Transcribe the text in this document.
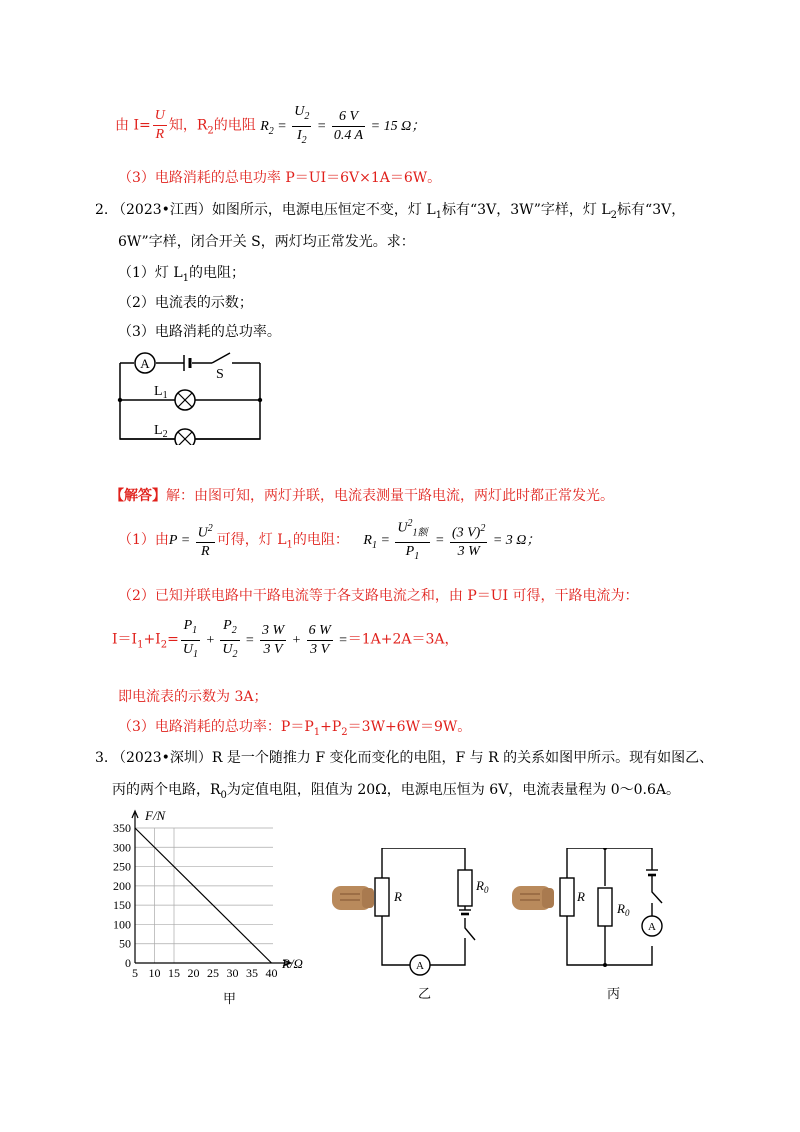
由 $I= \frac{U}{R}$ 知，$R_2$的电阻 $R_2 = \frac{U_2}{I_2} = \frac{6 V}{0.4 A} = 15$ Ω；
（3）电路消耗的总电功率 P＝UI＝6V×1A＝6W。
2. （2023•江西）如图所示，电源电压恒定不变，灯 $L_1$标有“3V，3W”字样，灯 $L_2$标有“3V，
6W”字样，闭合开关 S，两灯均正常发光。求：
（1）灯 $L_1$的电阻；
（2）电流表的示数；
（3）电路消耗的总功率。
A
S
$L_1$
$L_2$
【解答】解：由图可知，两灯并联，电流表测量干路电流，两灯此时都正常发光。
（1）由$P = \frac{U^2}{R}$ 可得，灯 $L_1$的电阻： $R_1 = \frac{U^2_{1额}}{P_1} = \frac{(3 V)^2}{3 W} = 3$ Ω；
（2）已知并联电路中干路电流等于各支路电流之和，由 P＝UI 可得，干路电流为：
$I=I_1+I_2= \frac{P_1}{U_1} + \frac{P_2}{U_2} = \frac{3 W}{3 V} + \frac{6 W}{3 V} ==1A+2A=3A$，
即电流表的示数为 3A；
（3）电路消耗的总功率：$P=P_1+P_2=3W+6W=9W$。
3. （2023•深圳）R 是一个随推力 F 变化而变化的电阻，F 与 R 的关系如图甲所示。现有如图乙、
丙的两个电路，$R_0$为定值电阻，阻值为 20Ω，电源电压恒为 6V，电流表量程为 0～0.6A。
0
50
100
150
200
250
300
350
5 10 15 20 25 30 35 40
F/N
R/Ω
甲
R
$R_0$
A
乙
R
$R_0$
A
丙
